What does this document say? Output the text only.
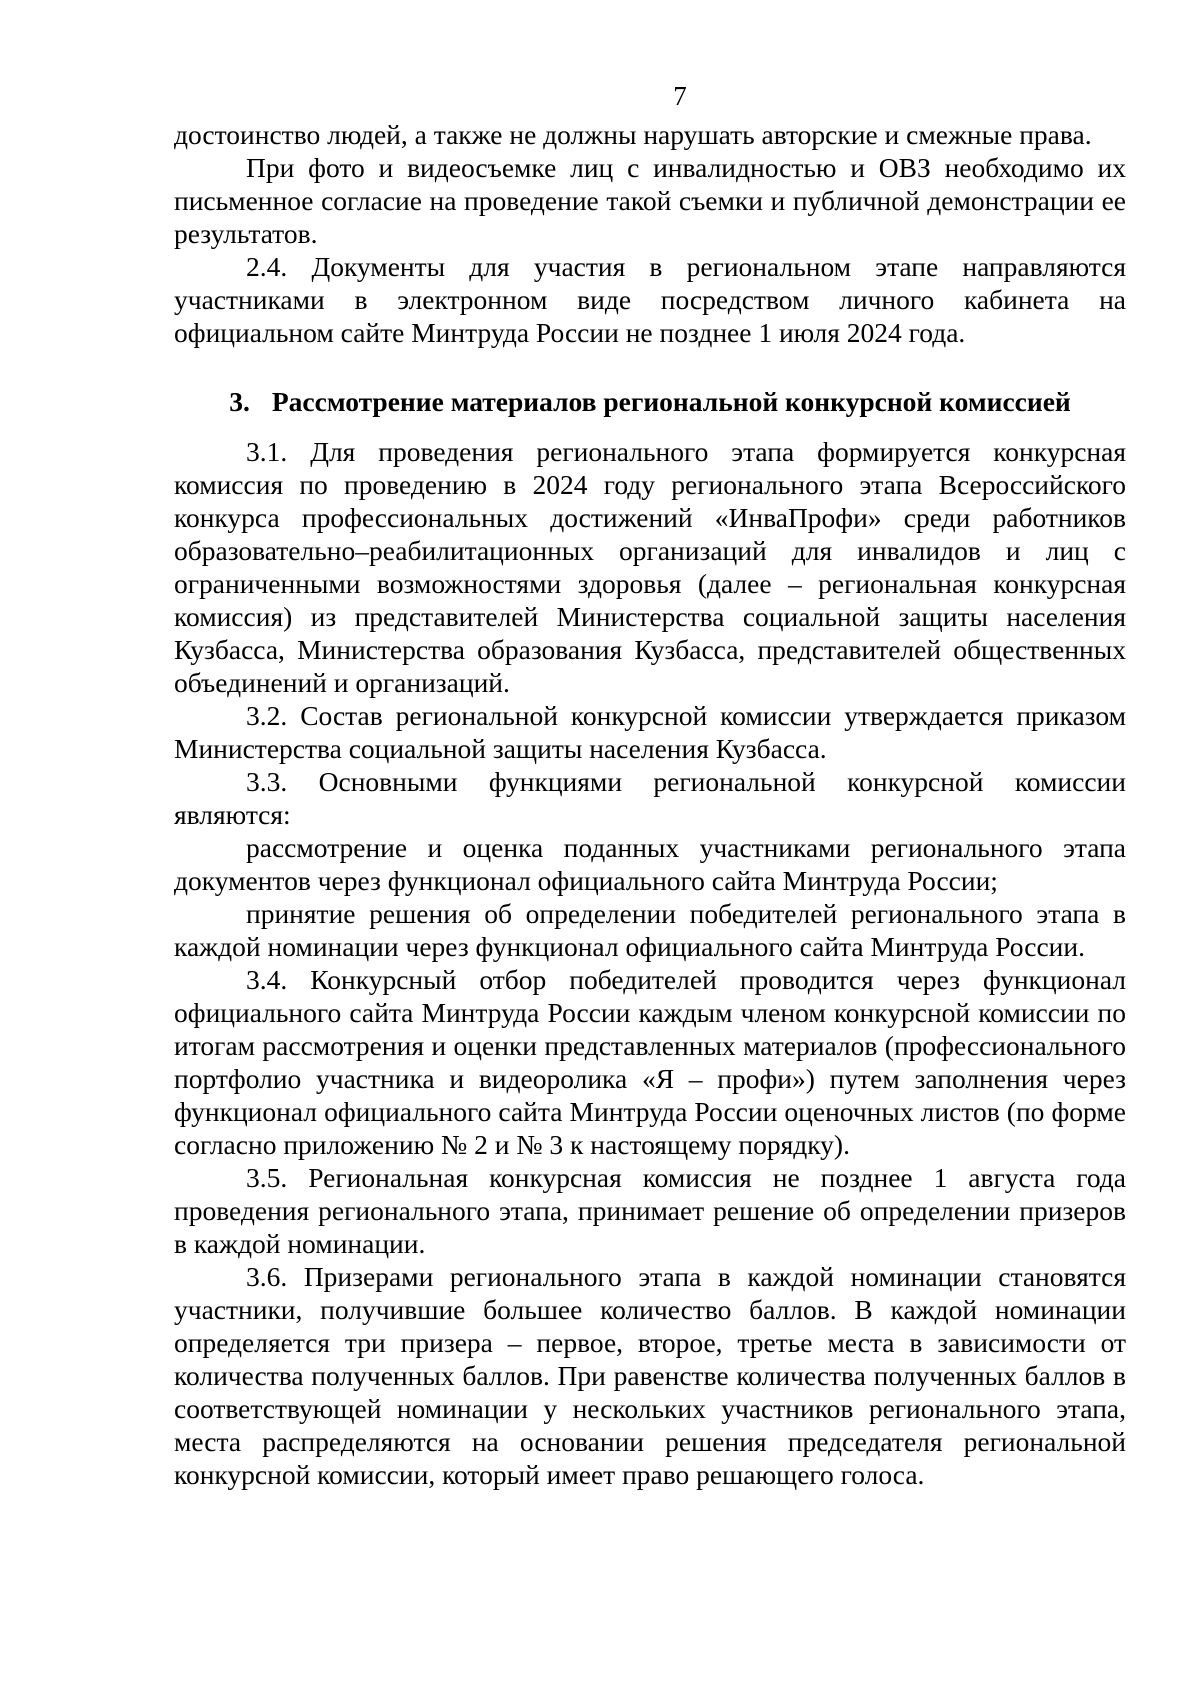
7

достоинство людей, а также не должны нарушать авторские и смежные права.

При фото и видеосъемке лиц с инвалидностью и ОВЗ необходимо их письменное согласие на проведение такой съемки и публичной демонстрации ее результатов.

2.4. Документы для участия в региональном этапе направляются участниками в электронном виде посредством личного кабинета на официальном сайте Минтруда России не позднее 1 июля 2024 года.

3. Рассмотрение материалов региональной конкурсной комиссией

3.1. Для проведения регионального этапа формируется конкурсная комиссия по проведению в 2024 году регионального этапа Всероссийского конкурса профессиональных достижений «ИнваПрофи» среди работников образовательно–реабилитационных организаций для инвалидов и лиц с ограниченными возможностями здоровья (далее – региональная конкурсная комиссия) из представителей Министерства социальной защиты населения Кузбасса, Министерства образования Кузбасса, представителей общественных объединений и организаций.

3.2. Состав региональной конкурсной комиссии утверждается приказом Министерства социальной защиты населения Кузбасса.

3.3. Основными функциями региональной конкурсной комиссии являются:

рассмотрение и оценка поданных участниками регионального этапа документов через функционал официального сайта Минтруда России;

принятие решения об определении победителей регионального этапа в каждой номинации через функционал официального сайта Минтруда России.

3.4. Конкурсный отбор победителей проводится через функционал официального сайта Минтруда России каждым членом конкурсной комиссии по итогам рассмотрения и оценки представленных материалов (профессионального портфолио участника и видеоролика «Я – профи») путем заполнения через функционал официального сайта Минтруда России оценочных листов (по форме согласно приложению № 2 и № 3 к настоящему порядку).

3.5. Региональная конкурсная комиссия не позднее 1 августа года проведения регионального этапа, принимает решение об определении призеров в каждой номинации.

3.6. Призерами регионального этапа в каждой номинации становятся участники, получившие большее количество баллов. В каждой номинации определяется три призера – первое, второе, третье места в зависимости от количества полученных баллов. При равенстве количества полученных баллов в соответствующей номинации у нескольких участников регионального этапа, места распределяются на основании решения председателя региональной конкурсной комиссии, который имеет право решающего голоса.
